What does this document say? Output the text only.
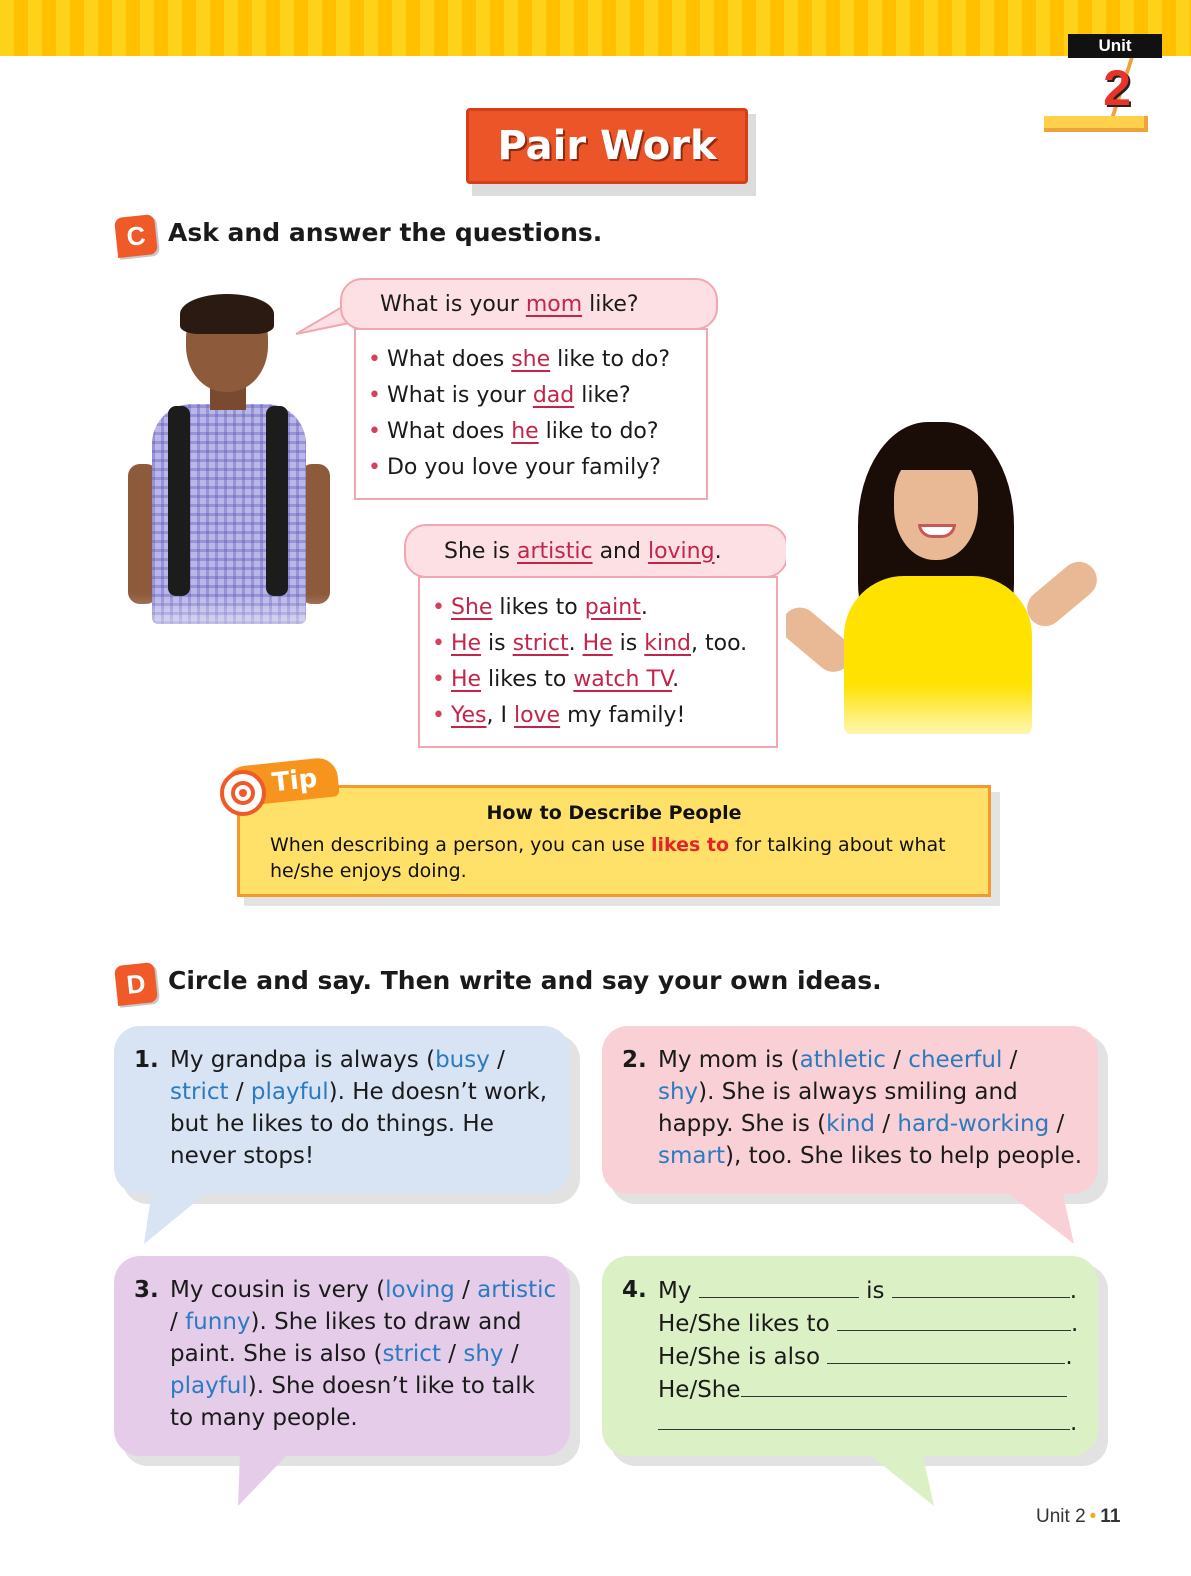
Unit
2
Pair Work
C Ask and answer the questions.
What is your mom like?
• What does she like to do?
• What is your dad like?
• What does he like to do?
• Do you love your family?
She is artistic and loving .
• She likes to paint.
• He is strict. He is kind, too.
• He likes to watch TV.
• Yes, I love my family!
How to Describe People
When describing a person, you can use likes to for talking about what he/she enjoys doing.
Tip
D Circle and say. Then write and say your own ideas.
1. My grandpa is always (busy /
strict / playful). He doesn’t work,
but he likes to do things. He
never stops!
2. My mom is (athletic / cheerful /
shy). She is always smiling and
happy. She is (kind / hard-working /
smart), too. She likes to help people.
3. My cousin is very (loving / artistic
/ funny). She likes to draw and
paint. She is also (strict / shy /
playful). She doesn’t like to talk
to many people.
4. My	is	.
He/She likes to	.
He/She is also	.
He/She
.
Unit 2 • 11
